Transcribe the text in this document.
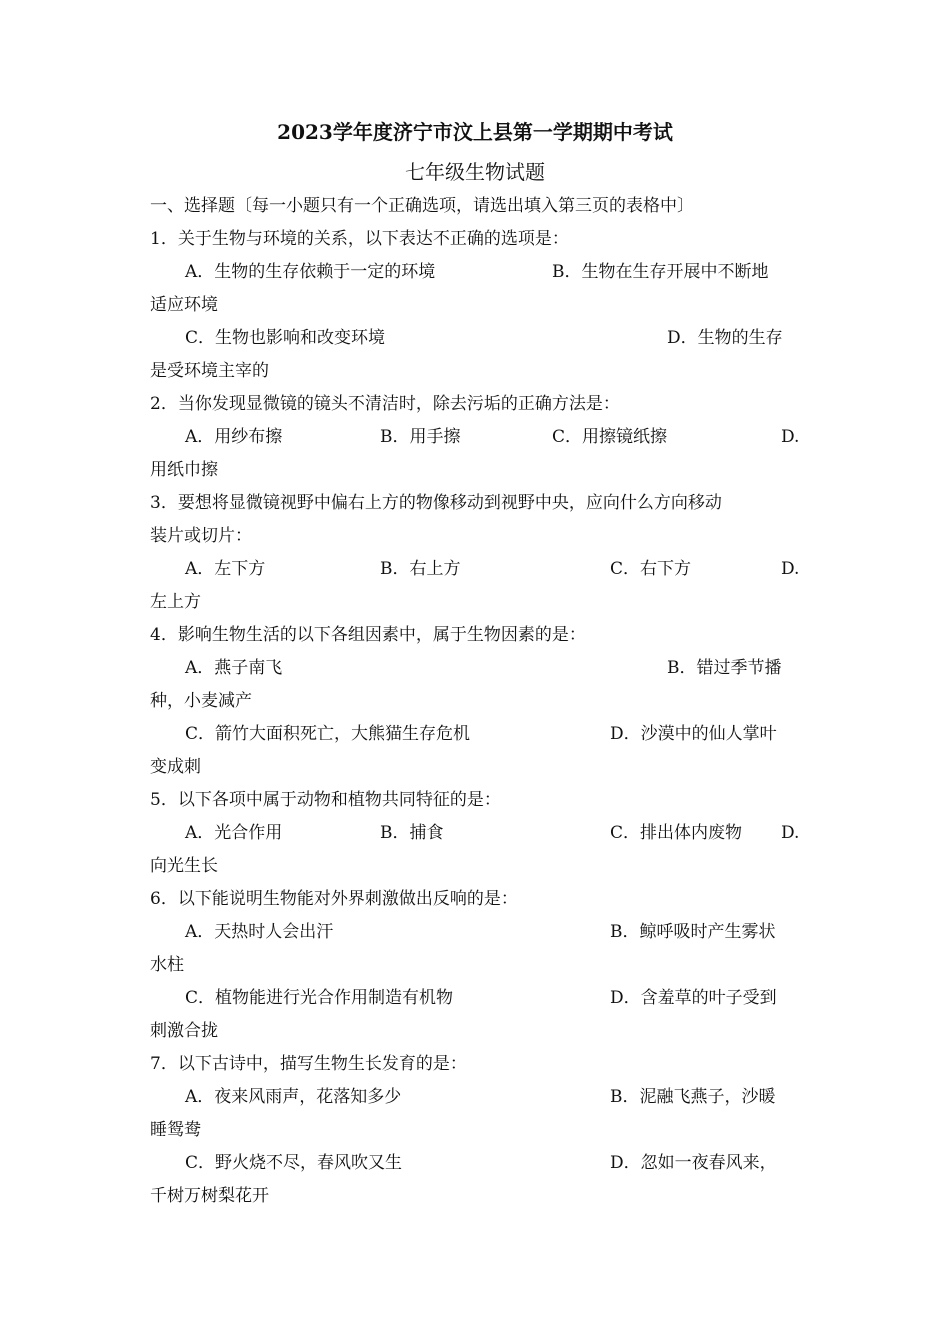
2023学年度济宁市汶上县第一学期期中考试
七年级生物试题
一、选择题〔每一小题只有一个正确选项，请选出填入第三页的表格中〕
1．关于生物与环境的关系，以下表达不正确的选项是：
A．生物的生存依赖于一定的环境	B．生物在生存开展中不断地
适应环境
C．生物也影响和改变环境	D．生物的生存
是受环境主宰的
2．当你发现显微镜的镜头不清洁时，除去污垢的正确方法是：
A．用纱布擦	B．用手擦	C．用擦镜纸擦	D.
用纸巾擦
3．要想将显微镜视野中偏右上方的物像移动到视野中央，应向什么方向移动
装片或切片：
A．左下方	B．右上方	C．右下方	D.
左上方
4．影响生物生活的以下各组因素中，属于生物因素的是：
A．燕子南飞	B．错过季节播
种，小麦减产
C．箭竹大面积死亡，大熊猫生存危机	D．沙漠中的仙人掌叶
变成刺
5．以下各项中属于动物和植物共同特征的是：
A．光合作用	B．捕食	C．排出体内废物 D.
向光生长
6．以下能说明生物能对外界刺激做出反响的是：
A．天热时人会出汗	B．鲸呼吸时产生雾状
水柱
C．植物能进行光合作用制造有机物	D．含羞草的叶子受到
刺激合拢
7．以下古诗中，描写生物生长发育的是：
A．夜来风雨声，花落知多少	B．泥融飞燕子，沙暖
睡鸳鸯
C．野火烧不尽，春风吹又生	D．忽如一夜春风来，
千树万树梨花开
